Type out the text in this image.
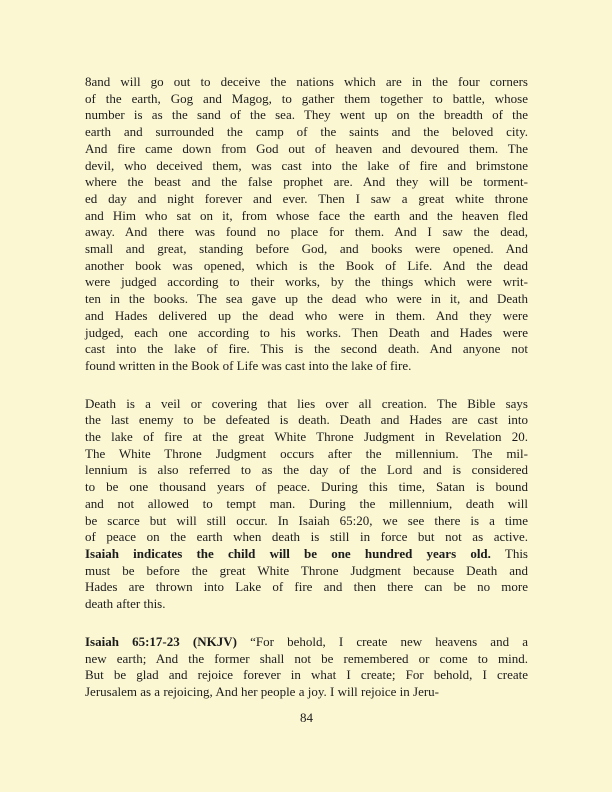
8and will go out to deceive the nations which are in the four corners
of the earth, Gog and Magog, to gather them together to battle, whose
number is as the sand of the sea. They went up on the breadth of the
earth and surrounded the camp of the saints and the beloved city.
And fire came down from God out of heaven and devoured them. The
devil, who deceived them, was cast into the lake of fire and brimstone
where the beast and the false prophet are. And they will be torment-
ed day and night forever and ever. Then I saw a great white throne
and Him who sat on it, from whose face the earth and the heaven fled
away. And there was found no place for them. And I saw the dead,
small and great, standing before God, and books were opened. And
another book was opened, which is the Book of Life. And the dead
were judged according to their works, by the things which were writ-
ten in the books. The sea gave up the dead who were in it, and Death
and Hades delivered up the dead who were in them. And they were
judged, each one according to his works. Then Death and Hades were
cast into the lake of fire. This is the second death. And anyone not
found written in the Book of Life was cast into the lake of fire.
Death is a veil or covering that lies over all creation. The Bible says
the last enemy to be defeated is death. Death and Hades are cast into
the lake of fire at the great White Throne Judgment in Revelation 20.
The White Throne Judgment occurs after the millennium. The mil-
lennium is also referred to as the day of the Lord and is considered
to be one thousand years of peace. During this time, Satan is bound
and not allowed to tempt man. During the millennium, death will
be scarce but will still occur. In Isaiah 65:20, we see there is a time
of peace on the earth when death is still in force but not as active.
Isaiah indicates the child will be one hundred years old. This
must be before the great White Throne Judgment because Death and
Hades are thrown into Lake of fire and then there can be no more
death after this.
Isaiah 65:17-23 (NKJV) “For behold, I create new heavens and a
new earth; And the former shall not be remembered or come to mind.
But be glad and rejoice forever in what I create; For behold, I create
Jerusalem as a rejoicing, And her people a joy. I will rejoice in Jeru-
84
